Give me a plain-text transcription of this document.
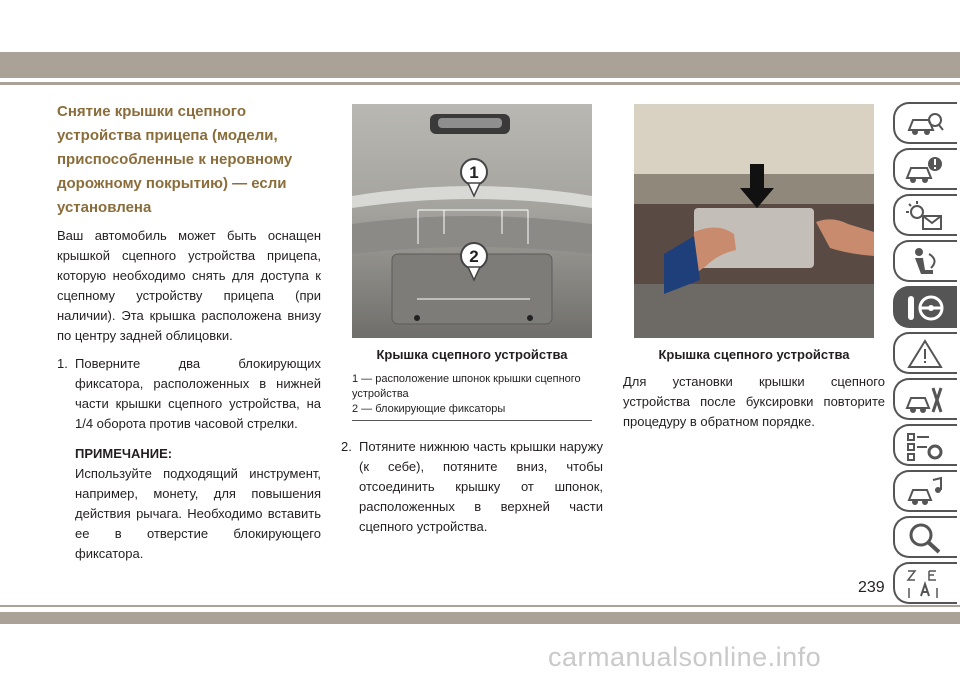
Снятие крышки сцепного устройства прицепа (модели, приспособленные к неровному дорожному покрытию) — если установлена

Ваш автомобиль может быть оснащен крышкой сцепного устройства прицепа, которую необходимо снять для доступа к сцепному устройству прицепа (при наличии). Эта крышка расположена внизу по центру задней облицовки.

1. Поверните два блокирующих фиксатора, расположенных в нижней части крышки сцепного устройства, на 1/4 оборота против часовой стрелки.
ПРИМЕЧАНИЕ:

Используйте подходящий инструмент, например, монету, для повышения действия рычага. Необходимо вставить ее в отверстие блокирующего фиксатора.

1
2
Крышка сцепного устройства
1 — расположение шпонок крышки сцепного устройства
2 — блокирующие фиксаторы
2. Потяните нижнюю часть крышки наружу (к себе), потяните вниз, чтобы отсоединить крышку от шпонок, расположенных в верхней части сцепного устройства.
Крышка сцепного устройства

Для установки крышки сцепного устройства после буксировки повторите процедуру в обратном порядке.

239
carmanualsonline.info
